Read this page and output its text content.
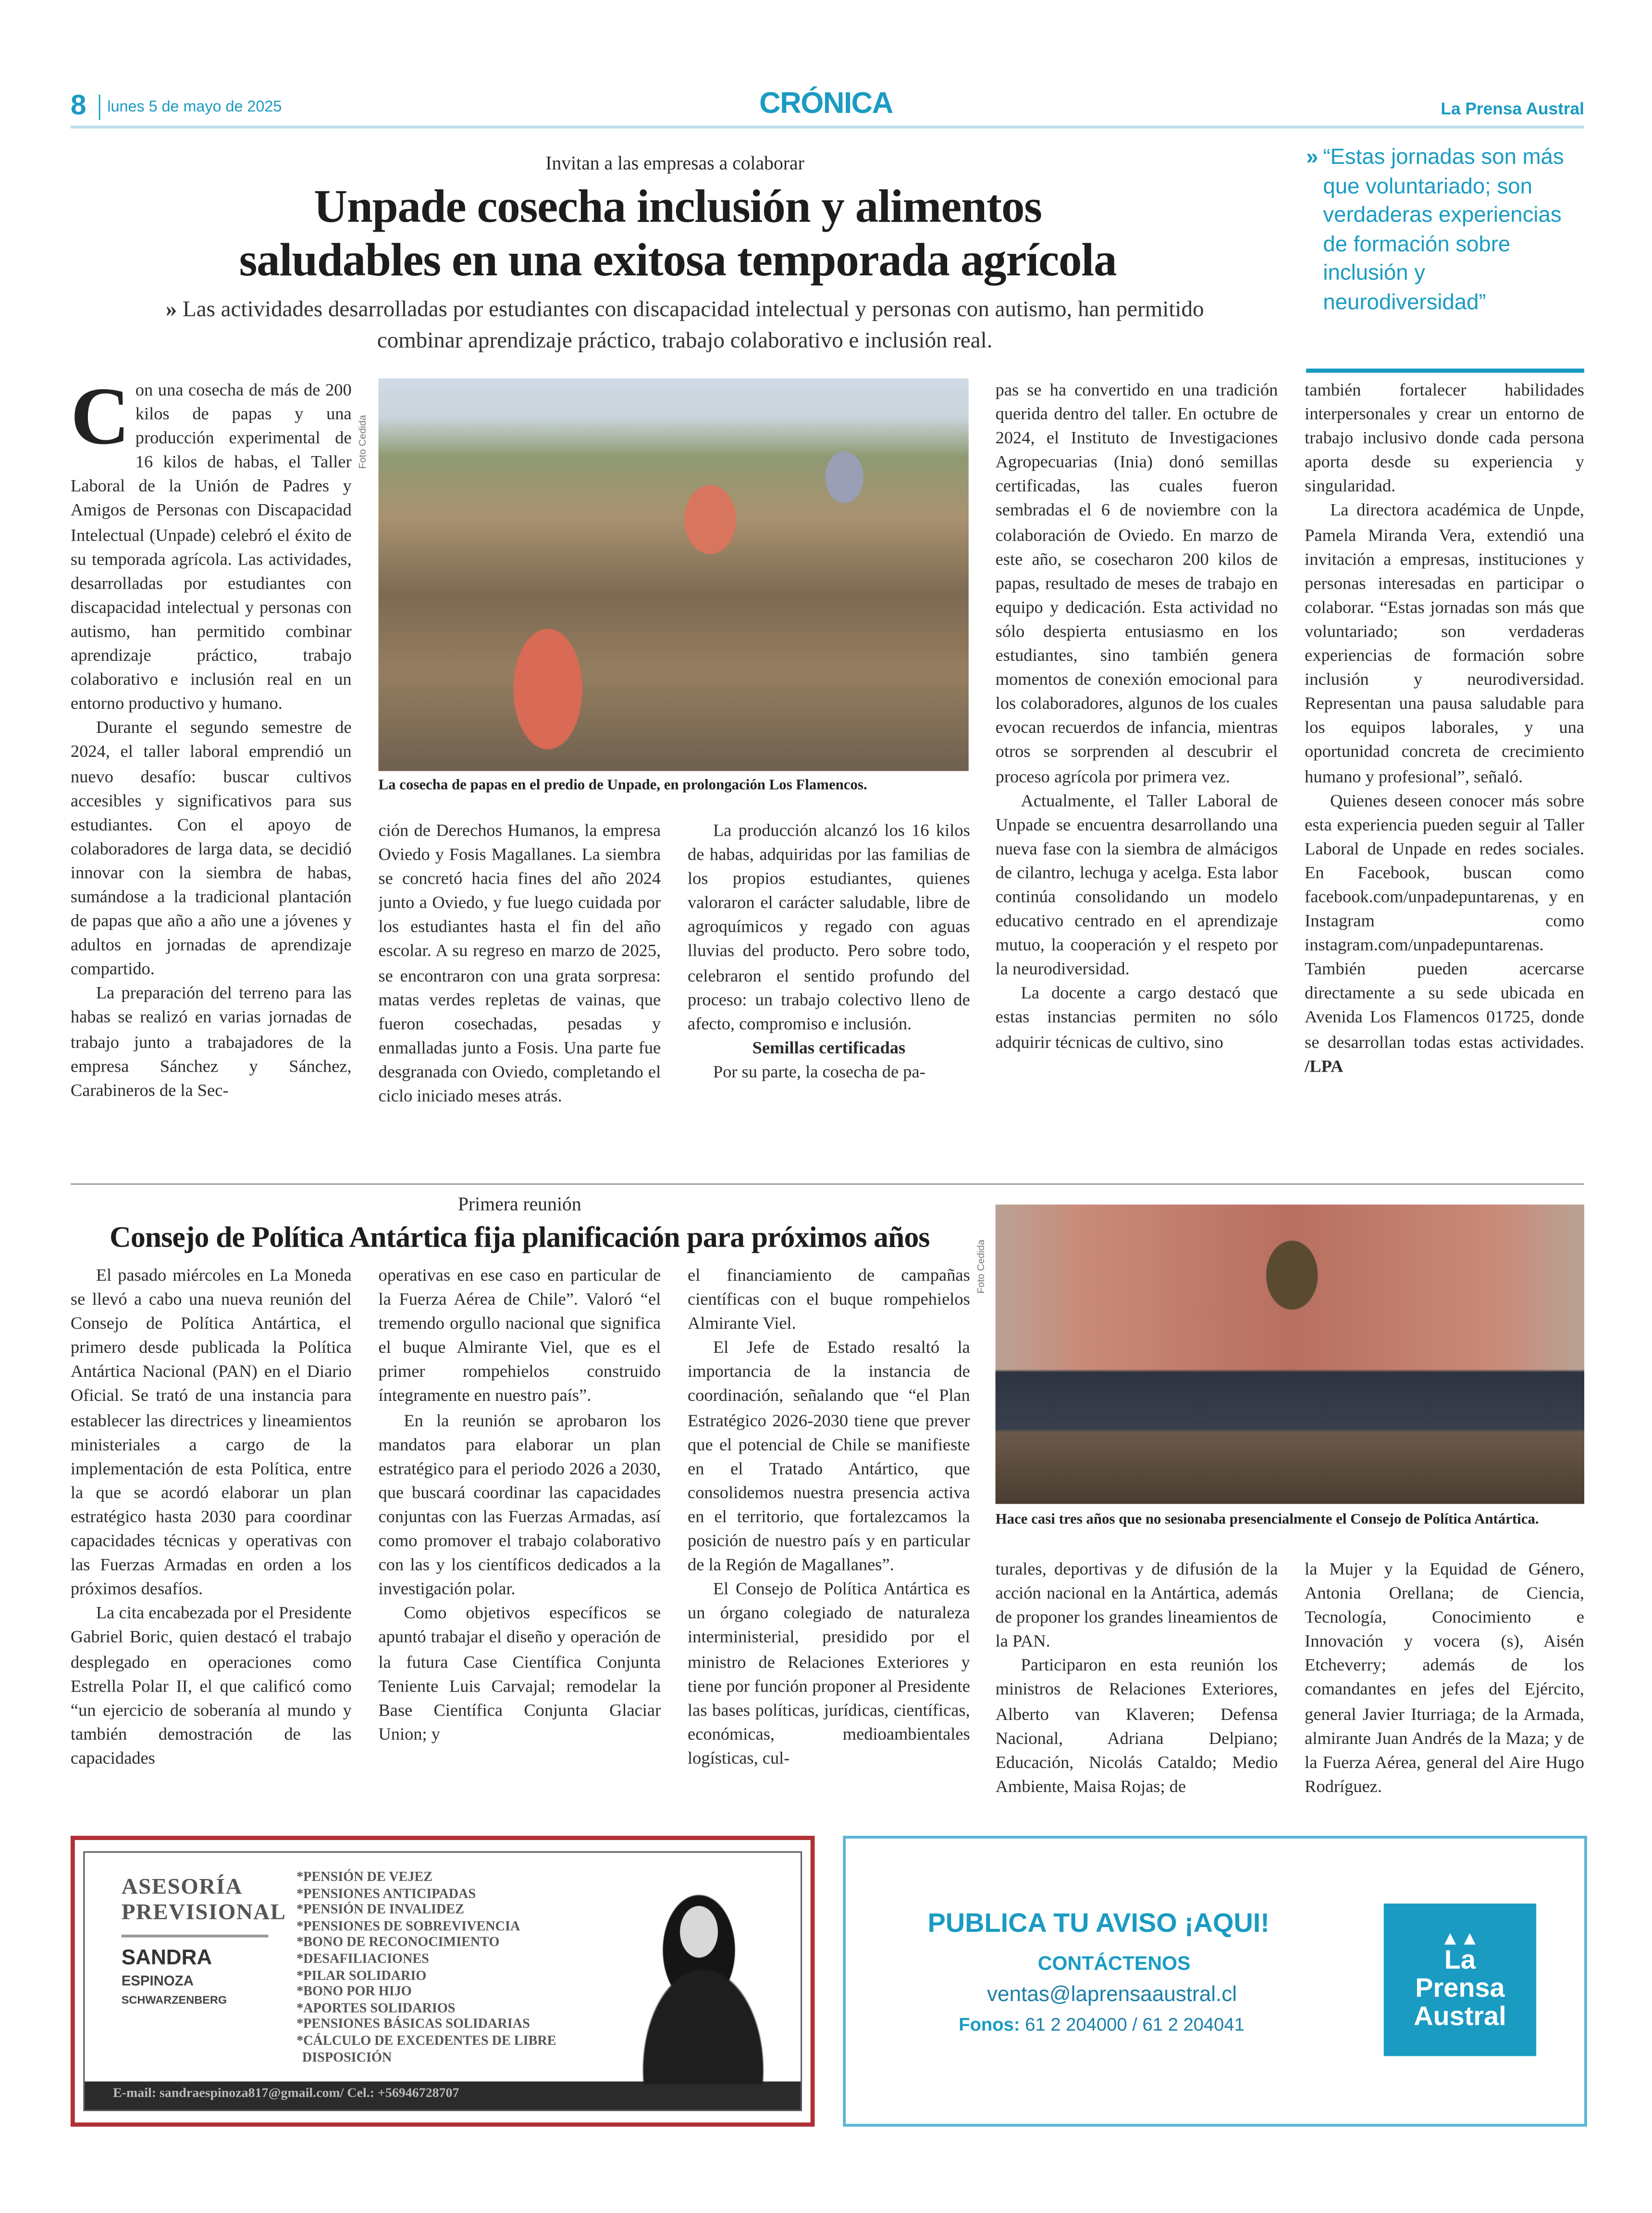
8	lunes 5 de mayo de 2025	CRÓNICA	La Prensa Austral
Invitan a las empresas a colaborar
Unpade cosecha inclusión y alimentos
saludables en una exitosa temporada agrícola
» Las actividades desarrolladas por estudiantes con discapacidad intelectual y personas con autismo, han permitido combinar aprendizaje práctico, trabajo colaborativo e inclusión real.
» “Estas jornadas son más que voluntariado; son verdaderas experiencias de formación sobre inclusión y neurodiversidad”

Con una cosecha de más de 200 kilos de papas y una producción experimental de 16 kilos de habas, el Taller Laboral de la Unión de Padres y Amigos de Personas con Discapacidad Intelectual (Unpade) celebró el éxito de su temporada agrícola. Las actividades, desarrolladas por estudiantes con discapacidad intelectual y personas con autismo, han permitido combinar aprendizaje práctico, trabajo colaborativo e inclusión real en un entorno productivo y humano.

Durante el segundo semestre de 2024, el taller laboral emprendió un nuevo desafío: buscar cultivos accesibles y significativos para sus estudiantes. Con el apoyo de colaboradores de larga data, se decidió innovar con la siembra de habas, sumándose a la tradicional plantación de papas que año a año une a jóvenes y adultos en jornadas de aprendizaje compartido.

La preparación del terreno para las habas se realizó en varias jornadas de trabajo junto a trabajadores de la empresa Sánchez y Sánchez, Carabineros de la Sec-

Foto Cedida
La cosecha de papas en el predio de Unpade, en prolongación Los Flamencos.

ción de Derechos Humanos, la empresa Oviedo y Fosis Magallanes. La siembra se concretó hacia fines del año 2024 junto a Oviedo, y fue luego cuidada por los estudiantes hasta el fin del año escolar. A su regreso en marzo de 2025, se encontraron con una grata sorpresa: matas verdes repletas de vainas, que fueron cosechadas, pesadas y enmalladas junto a Fosis. Una parte fue desgranada con Oviedo, completando el ciclo iniciado meses atrás.

La producción alcanzó los 16 kilos de habas, adquiridas por las familias de los propios estudiantes, quienes valoraron el carácter saludable, libre de agroquímicos y regado con aguas lluvias del producto. Pero sobre todo, celebraron el sentido profundo del proceso: un trabajo colectivo lleno de afecto, compromiso e inclusión.

Semillas certificadas

Por su parte, la cosecha de pa-

pas se ha convertido en una tradición querida dentro del taller. En octubre de 2024, el Instituto de Investigaciones Agropecuarias (Inia) donó semillas certificadas, las cuales fueron sembradas el 6 de noviembre con la colaboración de Oviedo. En marzo de este año, se cosecharon 200 kilos de papas, resultado de meses de trabajo en equipo y dedicación. Esta actividad no sólo despierta entusiasmo en los estudiantes, sino también genera momentos de conexión emocional para los colaboradores, algunos de los cuales evocan recuerdos de infancia, mientras otros se sorprenden al descubrir el proceso agrícola por primera vez.

Actualmente, el Taller Laboral de Unpade se encuentra desarrollando una nueva fase con la siembra de almácigos de cilantro, lechuga y acelga. Esta labor continúa consolidando un modelo educativo centrado en el aprendizaje mutuo, la cooperación y el respeto por la neurodiversidad.

La docente a cargo destacó que estas instancias permiten no sólo adquirir técnicas de cultivo, sino

también fortalecer habilidades interpersonales y crear un entorno de trabajo inclusivo donde cada persona aporta desde su experiencia y singularidad.

La directora académica de Unpde, Pamela Miranda Vera, extendió una invitación a empresas, instituciones y personas interesadas en participar o colaborar. “Estas jornadas son más que voluntariado; son verdaderas experiencias de formación sobre inclusión y neurodiversidad. Representan una pausa saludable para los equipos laborales, y una oportunidad concreta de crecimiento humano y profesional”, señaló.

Quienes deseen conocer más sobre esta experiencia pueden seguir al Taller Laboral de Unpade en redes sociales. En Facebook, buscan como facebook.com/unpadepuntarenas, y en Instagram como instagram.com/unpadepuntarenas. También pueden acercarse directamente a su sede ubicada en Avenida Los Flamencos 01725, donde se desarrollan todas estas actividades. /LPA

Primera reunión
Consejo de Política Antártica fija planificación para próximos años

El pasado miércoles en La Moneda se llevó a cabo una nueva reunión del Consejo de Política Antártica, el primero desde publicada la Política Antártica Nacional (PAN) en el Diario Oficial. Se trató de una instancia para establecer las directrices y lineamientos ministeriales a cargo de la implementación de esta Política, entre la que se acordó elaborar un plan estratégico hasta 2030 para coordinar capacidades técnicas y operativas con las Fuerzas Armadas en orden a los próximos desafíos.

La cita encabezada por el Presidente Gabriel Boric, quien destacó el trabajo desplegado en operaciones como Estrella Polar II, el que calificó como “un ejercicio de soberanía al mundo y también demostración de las capacidades

operativas en ese caso en particular de la Fuerza Aérea de Chile”. Valoró “el tremendo orgullo nacional que significa el buque Almirante Viel, que es el primer rompehielos construido íntegramente en nuestro país”.

En la reunión se aprobaron los mandatos para elaborar un plan estratégico para el periodo 2026 a 2030, que buscará coordinar las capacidades conjuntas con las Fuerzas Armadas, así como promover el trabajo colaborativo con las y los científicos dedicados a la investigación polar.

Como objetivos específicos se apuntó trabajar el diseño y operación de la futura Case Científica Conjunta Teniente Luis Carvajal; remodelar la Base Científica Conjunta Glaciar Union; y

el financiamiento de campañas científicas con el buque rompehielos Almirante Viel.

El Jefe de Estado resaltó la importancia de la instancia de coordinación, señalando que “el Plan Estratégico 2026-2030 tiene que prever que el potencial de Chile se manifieste en el Tratado Antártico, que consolidemos nuestra presencia activa en el territorio, que fortalezcamos la posición de nuestro país y en particular de la Región de Magallanes”.

El Consejo de Política Antártica es un órgano colegiado de naturaleza interministerial, presidido por el ministro de Relaciones Exteriores y tiene por función proponer al Presidente las bases políticas, jurídicas, científicas, económicas, medioambientales logísticas, cul-

Foto Cedida
Hace casi tres años que no sesionaba presencialmente el Consejo de Política Antártica.

turales, deportivas y de difusión de la acción nacional en la Antártica, además de proponer los grandes lineamientos de la PAN.

Participaron en esta reunión los ministros de Relaciones Exteriores, Alberto van Klaveren; Defensa Nacional, Adriana Delpiano; Educación, Nicolás Cataldo; Medio Ambiente, Maisa Rojas; de

la Mujer y la Equidad de Género, Antonia Orellana; de Ciencia, Tecnología, Conocimiento e Innovación y vocera (s), Aisén Etcheverry; además de los comandantes en jefes del Ejército, general Javier Iturriaga; de la Armada, almirante Juan Andrés de la Maza; y de la Fuerza Aérea, general del Aire Hugo Rodríguez.

ASESORÍA
PREVISIONAL
SANDRA
ESPINOZA
SCHWARZENBERG
*PENSIÓN DE VEJEZ
*PENSIONES ANTICIPADAS
*PENSIÓN DE INVALIDEZ
*PENSIONES DE SOBREVIVENCIA
*BONO DE RECONOCIMIENTO
*DESAFILIACIONES
*PILAR SOLIDARIO
*BONO POR HIJO
*APORTES SOLIDARIOS
*PENSIONES BÁSICAS SOLIDARIAS
*CÁLCULO DE EXCEDENTES DE LIBRE
DISPOSICIÓN
E-mail: sandraespinoza817@gmail.com/ Cel.: +56946728707
PUBLICA TU AVISO ¡AQUI!
CONTÁCTENOS
ventas@laprensaaustral.cl
Fonos: 61 2 204000 / 61 2 204041
▲▲
La
Prensa
Austral
